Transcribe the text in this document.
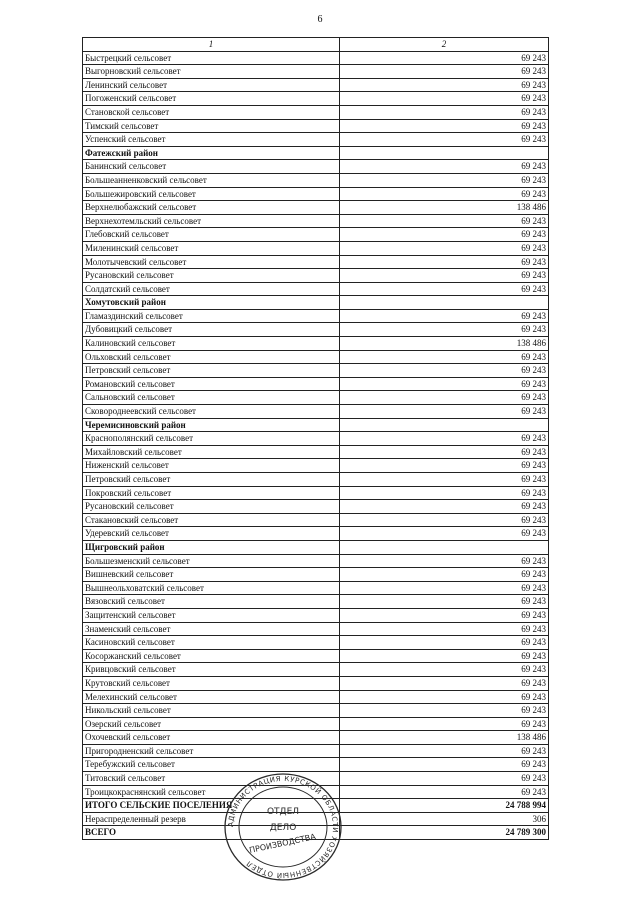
6
1	2
Быстрецкий сельсовет	69 243
Выгорновский сельсовет	69 243
Ленинский сельсовет	69 243
Погоженский сельсовет	69 243
Становской сельсовет	69 243
Тимский сельсовет	69 243
Успенский сельсовет	69 243
Фатежский район	
Банинский сельсовет	69 243
Большеанненковский сельсовет	69 243
Большежировский сельсовет	69 243
Верхнелюбажский сельсовет	138 486
Верхнехотемльский сельсовет	69 243
Глебовский сельсовет	69 243
Миленинский сельсовет	69 243
Молотычевский сельсовет	69 243
Русановский сельсовет	69 243
Солдатский сельсовет	69 243
Хомутовский район	
Гламаздинский сельсовет	69 243
Дубовицкий сельсовет	69 243
Калиновский сельсовет	138 486
Ольховский сельсовет	69 243
Петровский сельсовет	69 243
Романовский сельсовет	69 243
Сальновский сельсовет	69 243
Сковороднеевский сельсовет	69 243
Черемисиновский район	
Краснополянский сельсовет	69 243
Михайловский сельсовет	69 243
Ниженский сельсовет	69 243
Петровский сельсовет	69 243
Покровский сельсовет	69 243
Русановский сельсовет	69 243
Стакановский сельсовет	69 243
Удеревский сельсовет	69 243
Щигровский район	
Большезменский сельсовет	69 243
Вишневский сельсовет	69 243
Вышнеольховатский сельсовет	69 243
Вязовский сельсовет	69 243
Защитенский сельсовет	69 243
Знаменский сельсовет	69 243
Касиновский сельсовет	69 243
Косоржанский сельсовет	69 243
Кривцовский сельсовет	69 243
Крутовский сельсовет	69 243
Мелехинский сельсовет	69 243
Никольский сельсовет	69 243
Озерский сельсовет	69 243
Охочевский сельсовет	138 486
Пригородненский сельсовет	69 243
Теребужский сельсовет	69 243
Титовский сельсовет	69 243
Троицкокраснянский сельсовет	69 243
ИТОГО СЕЛЬСКИЕ ПОСЕЛЕНИЯ	24 788 994
Нераспределенный резерв	306
ВСЕГО	24 789 300
АДМИНИСТРАЦИЯ КУРСКОЙ ОБЛАСТИ ХОЗЯЙСТВЕННЫЙ ОТДЕЛ
ОТДЕЛ
ДЕЛО
ПРОИЗВОДСТВА
